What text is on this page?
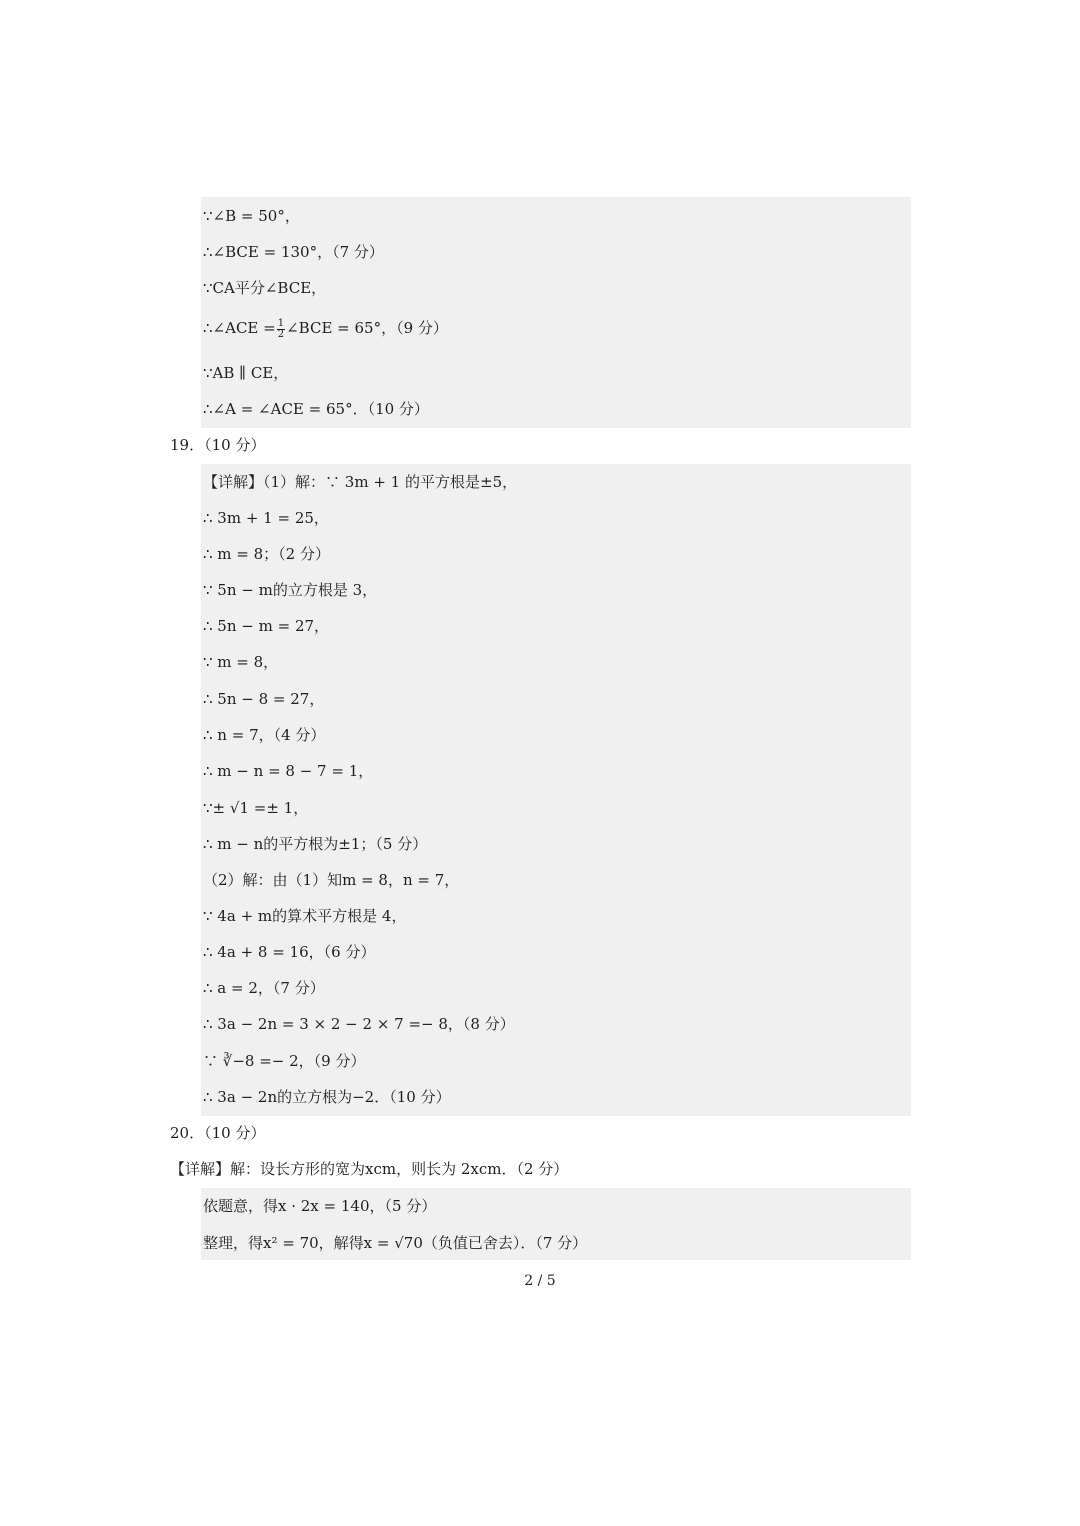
∵∠B = 50°，
∴∠BCE = 130°，（7 分）
∵CA平分∠BCE，
∴∠ACE = $\frac{1}{2}$ ∠BCE = 65°，（9 分）
∵AB ∥ CE，
∴∠A = ∠ACE = 65°．（10 分）
19．（10 分）
【详解】（1）解：∵ 3m + 1 的平方根是±5，
∴ 3m + 1 = 25，
∴ m = 8；（2 分）
∵ 5n − m的立方根是 3，
∴ 5n − m = 27，
∵ m = 8，
∴ 5n − 8 = 27，
∴ n = 7，（4 分）
∴ m − n = 8 − 7 = 1，
∵± √1 =± 1，
∴ m − n的平方根为±1；（5 分）
（2）解：由（1）知m = 8，n = 7，
∵ 4a + m的算术平方根是 4，
∴ 4a + 8 = 16，（6 分）
∴ a = 2，（7 分）
∴ 3a − 2n = 3 × 2 − 2 × 7 =− 8，（8 分）
∵ ∛−8 =− 2，（9 分）
∴ 3a − 2n的立方根为−2．（10 分）
20．（10 分）
【详解】解：设长方形的宽为xcm，则长为 2xcm．（2 分）
依题意，得x · 2x = 140，（5 分）
整理，得x² = 70，解得x = √70（负值已舍去）．（7 分）
2 / 5
